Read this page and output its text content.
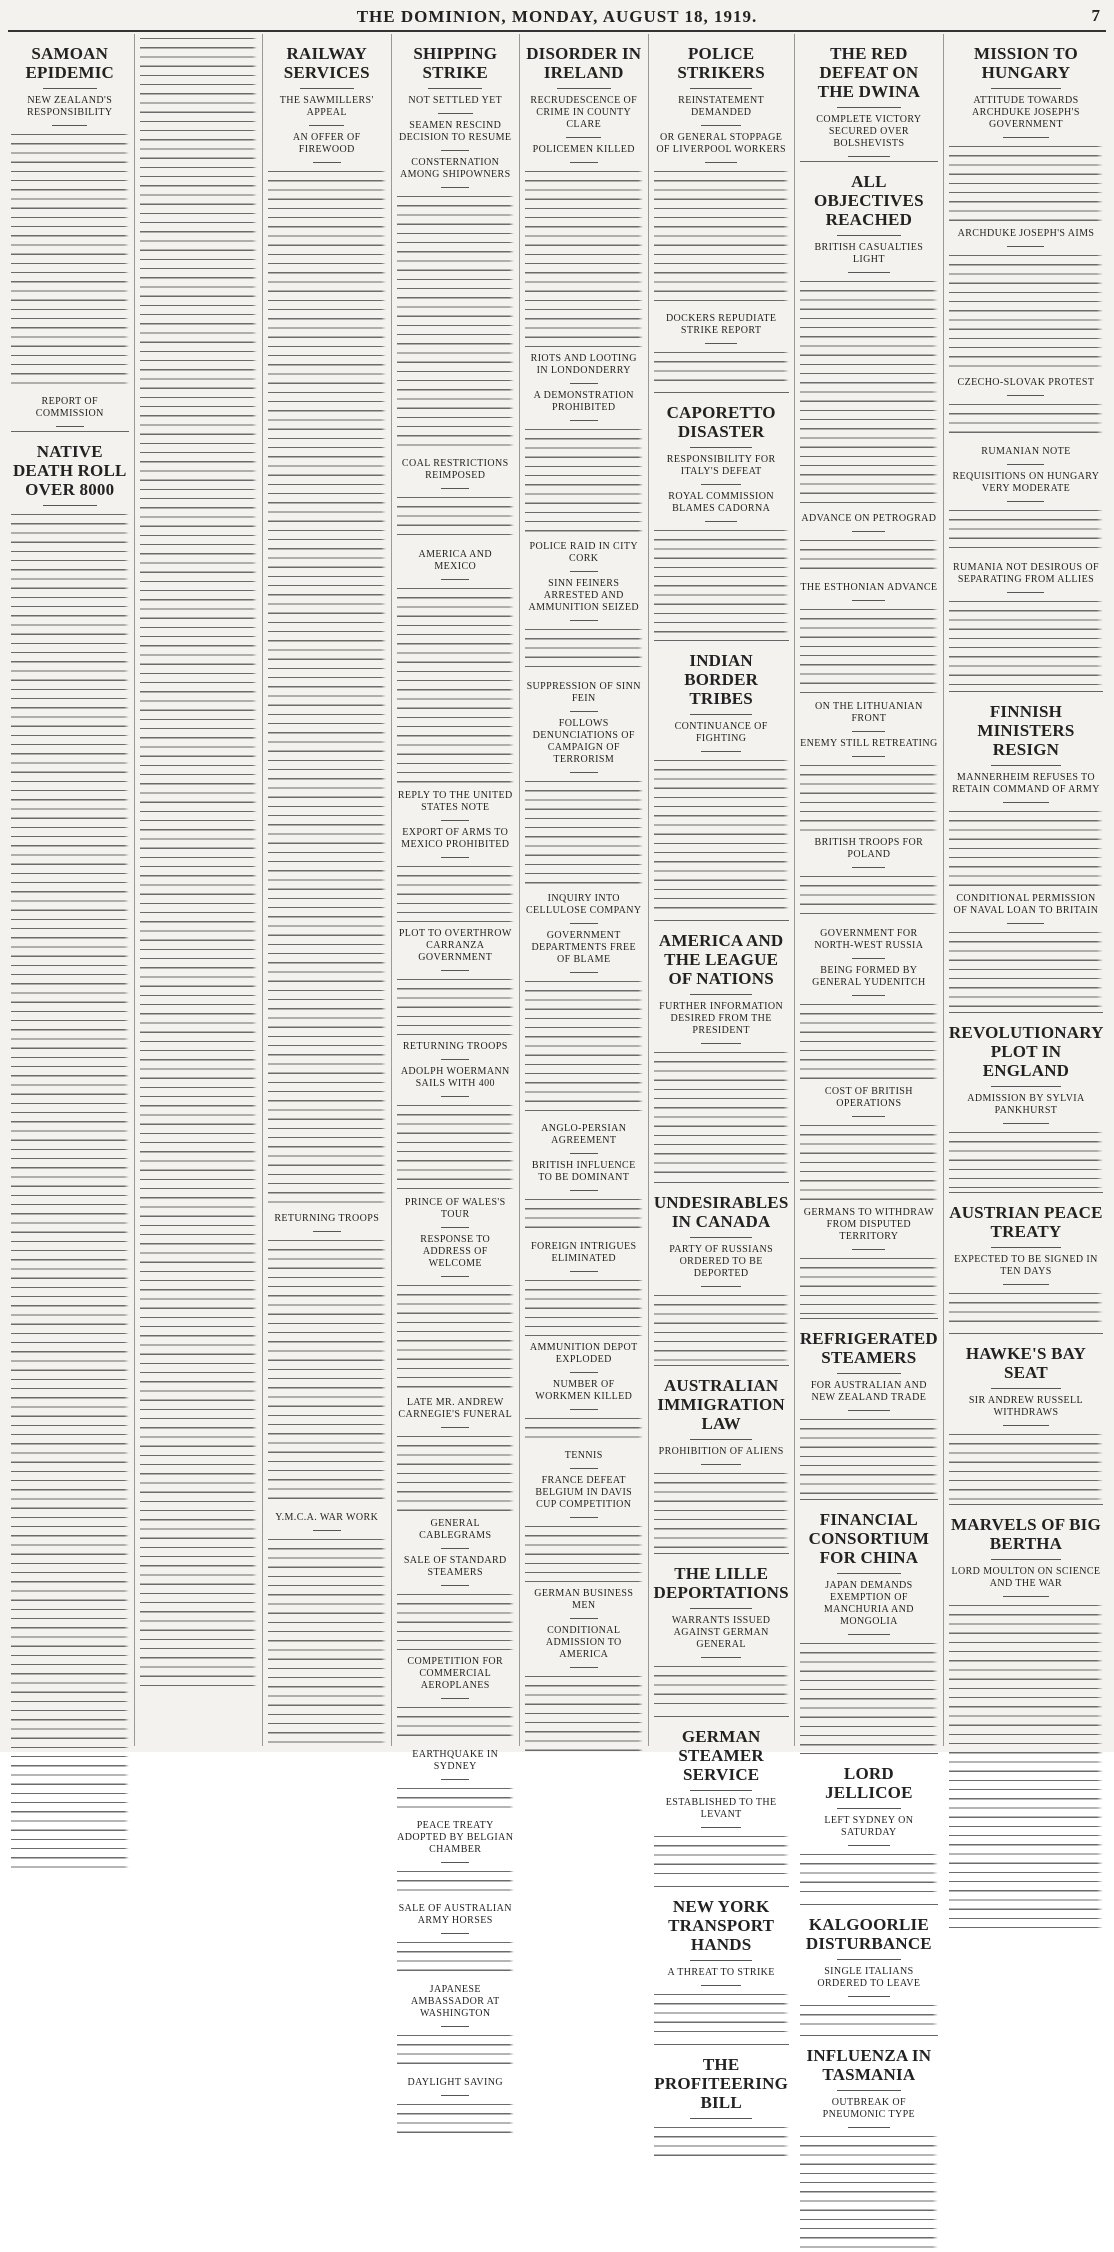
THE DOMINION, MONDAY, AUGUST 18, 1919.	7
SAMOAN EPIDEMIC
NEW ZEALAND'S RESPONSIBILITY
REPORT OF COMMISSION
NATIVE DEATH ROLL OVER 8000
RAILWAY SERVICES
THE SAWMILLERS' APPEAL
AN OFFER OF FIREWOOD
RETURNING TROOPS
Y.M.C.A. WAR WORK
SHIPPING STRIKE
NOT SETTLED YET
SEAMEN RESCIND DECISION TO RESUME
CONSTERNATION AMONG SHIPOWNERS
COAL RESTRICTIONS REIMPOSED
AMERICA AND MEXICO
REPLY TO THE UNITED STATES NOTE
EXPORT OF ARMS TO MEXICO PROHIBITED
PLOT TO OVERTHROW CARRANZA GOVERNMENT
RETURNING TROOPS
ADOLPH WOERMANN SAILS WITH 400
PRINCE OF WALES'S TOUR
RESPONSE TO ADDRESS OF WELCOME
LATE MR. ANDREW CARNEGIE'S FUNERAL
GENERAL CABLEGRAMS
SALE OF STANDARD STEAMERS
COMPETITION FOR COMMERCIAL AEROPLANES
EARTHQUAKE IN SYDNEY
PEACE TREATY ADOPTED BY BELGIAN CHAMBER
SALE OF AUSTRALIAN ARMY HORSES
JAPANESE AMBASSADOR AT WASHINGTON
DAYLIGHT SAVING
DISORDER IN IRELAND
RECRUDESCENCE OF CRIME IN COUNTY CLARE
POLICEMEN KILLED
RIOTS AND LOOTING IN LONDONDERRY
A DEMONSTRATION PROHIBITED
POLICE RAID IN CITY CORK
SINN FEINERS ARRESTED AND AMMUNITION SEIZED
SUPPRESSION OF SINN FEIN
FOLLOWS DENUNCIATIONS OF CAMPAIGN OF TERRORISM
INQUIRY INTO CELLULOSE COMPANY
GOVERNMENT DEPARTMENTS FREE OF BLAME
ANGLO-PERSIAN AGREEMENT
BRITISH INFLUENCE TO BE DOMINANT
FOREIGN INTRIGUES ELIMINATED
AMMUNITION DEPOT EXPLODED
NUMBER OF WORKMEN KILLED
TENNIS
FRANCE DEFEAT BELGIUM IN DAVIS CUP COMPETITION
GERMAN BUSINESS MEN
CONDITIONAL ADMISSION TO AMERICA
POLICE STRIKERS
REINSTATEMENT DEMANDED
OR GENERAL STOPPAGE OF LIVERPOOL WORKERS
DOCKERS REPUDIATE STRIKE REPORT
CAPORETTO DISASTER
RESPONSIBILITY FOR ITALY'S DEFEAT
ROYAL COMMISSION BLAMES CADORNA
INDIAN BORDER TRIBES
CONTINUANCE OF FIGHTING
AMERICA AND THE LEAGUE OF NATIONS
FURTHER INFORMATION DESIRED FROM THE PRESIDENT
UNDESIRABLES IN CANADA
PARTY OF RUSSIANS ORDERED TO BE DEPORTED
AUSTRALIAN IMMIGRATION LAW
PROHIBITION OF ALIENS
THE LILLE DEPORTATIONS
WARRANTS ISSUED AGAINST GERMAN GENERAL
GERMAN STEAMER SERVICE
ESTABLISHED TO THE LEVANT
NEW YORK TRANSPORT HANDS
A THREAT TO STRIKE
THE PROFITEERING BILL
THE RED DEFEAT ON THE DWINA
COMPLETE VICTORY SECURED OVER BOLSHEVISTS
ALL OBJECTIVES REACHED
BRITISH CASUALTIES LIGHT
ADVANCE ON PETROGRAD
THE ESTHONIAN ADVANCE
ON THE LITHUANIAN FRONT
ENEMY STILL RETREATING
BRITISH TROOPS FOR POLAND
GOVERNMENT FOR NORTH-WEST RUSSIA
BEING FORMED BY GENERAL YUDENITCH
COST OF BRITISH OPERATIONS
GERMANS TO WITHDRAW FROM DISPUTED TERRITORY
REFRIGERATED STEAMERS
FOR AUSTRALIAN AND NEW ZEALAND TRADE
FINANCIAL CONSORTIUM FOR CHINA
JAPAN DEMANDS EXEMPTION OF MANCHURIA AND MONGOLIA
LORD JELLICOE
LEFT SYDNEY ON SATURDAY
KALGOORLIE DISTURBANCE
SINGLE ITALIANS ORDERED TO LEAVE
INFLUENZA IN TASMANIA
OUTBREAK OF PNEUMONIC TYPE
MISSION TO HUNGARY
ATTITUDE TOWARDS ARCHDUKE JOSEPH'S GOVERNMENT
ARCHDUKE JOSEPH'S AIMS
CZECHO-SLOVAK PROTEST
RUMANIAN NOTE
REQUISITIONS ON HUNGARY VERY MODERATE
RUMANIA NOT DESIROUS OF SEPARATING FROM ALLIES
FINNISH MINISTERS RESIGN
MANNERHEIM REFUSES TO RETAIN COMMAND OF ARMY
CONDITIONAL PERMISSION OF NAVAL LOAN TO BRITAIN
REVOLUTIONARY PLOT IN ENGLAND
ADMISSION BY SYLVIA PANKHURST
AUSTRIAN PEACE TREATY
EXPECTED TO BE SIGNED IN TEN DAYS
HAWKE'S BAY SEAT
SIR ANDREW RUSSELL WITHDRAWS
MARVELS OF BIG BERTHA
LORD MOULTON ON SCIENCE AND THE WAR
